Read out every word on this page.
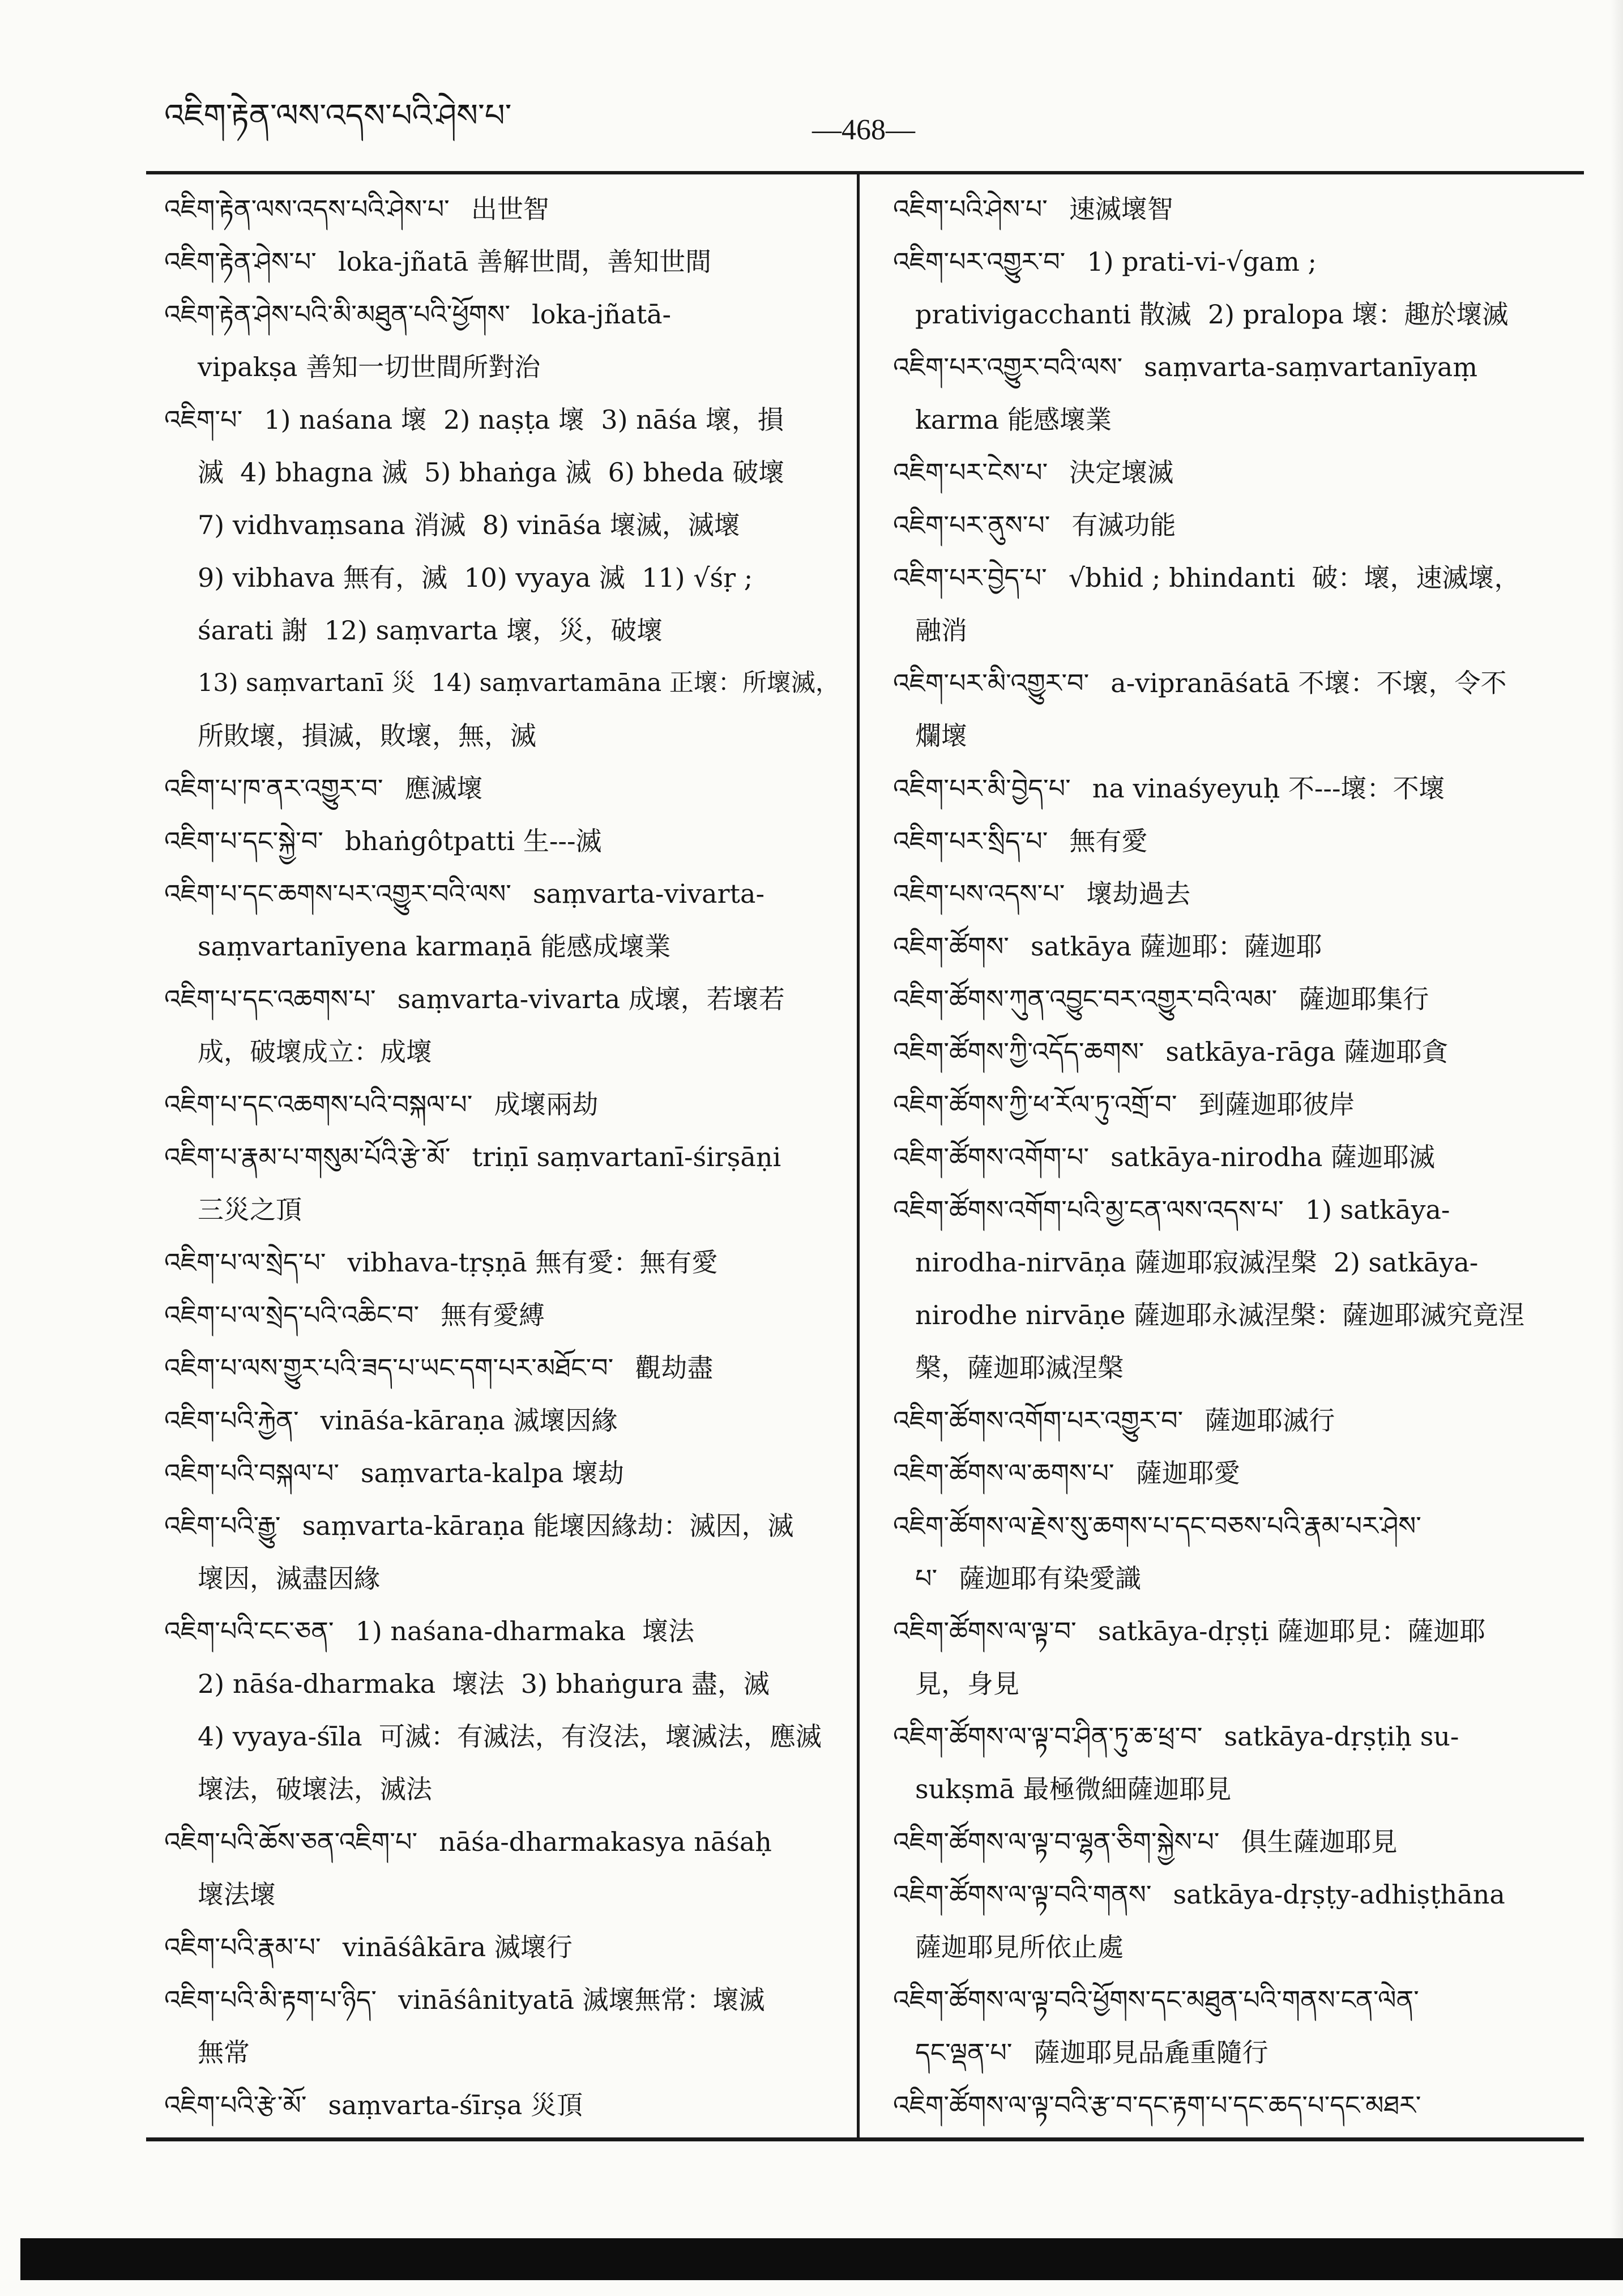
འཇིག་རྟེན་ལས་འདས་པའི་ཤེས་པ་	—468—
འཇིག་རྟེན་ལས་འདས་པའི་ཤེས་པ་ 出世智
འཇིག་རྟེན་ཤེས་པ་ loka-jñatā 善解世間，善知世間
འཇིག་རྟེན་ཤེས་པའི་མི་མཐུན་པའི་ཕྱོགས་ loka-jñatā-
vipakṣa 善知一切世間所對治
འཇིག་པ་ 1) naśana 壞  2) naṣṭa 壞  3) nāśa 壞，損
滅  4) bhagna 滅  5) bhaṅga 滅  6) bheda 破壞
7) vidhvaṃsana 消滅  8) vināśa 壞滅，滅壞
9) vibhava 無有，滅  10) vyaya 滅  11) √śṛ ;
śarati 謝  12) saṃvarta 壞，災，破壞
13) saṃvartanī 災  14) saṃvartamāna 正壞：所壞滅，
所敗壞，損滅，敗壞，無，滅
འཇིག་པ་ཁ་ནར་འགྱུར་བ་ 應滅壞
འཇིག་པ་དང་སྐྱེ་བ་ bhaṅgôtpatti 生---滅
འཇིག་པ་དང་ཆགས་པར་འགྱུར་བའི་ལས་ saṃvarta-vivarta-
saṃvartanīyena karmaṇā 能感成壞業
འཇིག་པ་དང་འཆགས་པ་ saṃvarta-vivarta 成壞，若壞若
成，破壞成立：成壞
འཇིག་པ་དང་འཆགས་པའི་བསྐལ་པ་ 成壞兩劫
འཇིག་པ་རྣམ་པ་གསུམ་པོའི་རྩེ་མོ་ triṇī saṃvartanī-śirṣāṇi
三災之頂
འཇིག་པ་ལ་སྲེད་པ་ vibhava-tṛṣṇā 無有愛：無有愛
འཇིག་པ་ལ་སྲེད་པའི་འཆིང་བ་ 無有愛縛
འཇིག་པ་ལས་གྱུར་པའི་ཟད་པ་ཡང་དག་པར་མཐོང་བ་ 觀劫盡
འཇིག་པའི་རྐྱེན་ vināśa-kāraṇa 滅壞因緣
འཇིག་པའི་བསྐལ་པ་ saṃvarta-kalpa 壞劫
འཇིག་པའི་རྒྱུ་ saṃvarta-kāraṇa 能壞因緣劫：滅因，滅
壞因，滅盡因緣
འཇིག་པའི་ངང་ཅན་ 1) naśana-dharmaka  壞法
2) nāśa-dharmaka  壞法  3) bhaṅgura 盡，滅
4) vyaya-śīla  可滅：有滅法，有沒法，壞滅法，應滅
壞法，破壞法，滅法
འཇིག་པའི་ཆོས་ཅན་འཇིག་པ་ nāśa-dharmakasya nāśaḥ
壞法壞
འཇིག་པའི་རྣམ་པ་ vināśâkāra 滅壞行
འཇིག་པའི་མི་རྟག་པ་ཉིད་ vināśânityatā 滅壞無常：壞滅
無常
འཇིག་པའི་རྩེ་མོ་ saṃvarta-śīrṣa 災頂
འཇིག་པའི་ཤེས་པ་ 速滅壞智
འཇིག་པར་འགྱུར་བ་ 1) prati-vi-√gam ;
prativigacchanti 散滅  2) pralopa 壞：趣於壞滅
འཇིག་པར་འགྱུར་བའི་ལས་ saṃvarta-saṃvartanīyaṃ
karma 能感壞業
འཇིག་པར་ངེས་པ་ 決定壞滅
འཇིག་པར་ནུས་པ་ 有滅功能
འཇིག་པར་བྱེད་པ་ √bhid ; bhindanti  破：壞，速滅壞，
融消
འཇིག་པར་མི་འགྱུར་བ་ a-vipranāśatā 不壞：不壞，令不
爛壞
འཇིག་པར་མི་བྱེད་པ་ na vinaśyeyuḥ 不---壞：不壞
འཇིག་པར་སྲིད་པ་ 無有愛
འཇིག་པས་འདས་པ་ 壞劫過去
འཇིག་ཚོགས་ satkāya 薩迦耶：薩迦耶
འཇིག་ཚོགས་ཀུན་འབྱུང་བར་འགྱུར་བའི་ལམ་ 薩迦耶集行
འཇིག་ཚོགས་ཀྱི་འདོད་ཆགས་ satkāya-rāga 薩迦耶貪
འཇིག་ཚོགས་ཀྱི་ཕ་རོལ་ཏུ་འགྲོ་བ་ 到薩迦耶彼岸
འཇིག་ཚོགས་འགོག་པ་ satkāya-nirodha 薩迦耶滅
འཇིག་ཚོགས་འགོག་པའི་མྱ་ངན་ལས་འདས་པ་ 1) satkāya-
nirodha-nirvāṇa 薩迦耶寂滅涅槃  2) satkāya-
nirodhe nirvāṇe 薩迦耶永滅涅槃：薩迦耶滅究竟涅
槃，薩迦耶滅涅槃
འཇིག་ཚོགས་འགོག་པར་འགྱུར་བ་ 薩迦耶滅行
འཇིག་ཚོགས་ལ་ཆགས་པ་ 薩迦耶愛
འཇིག་ཚོགས་ལ་རྗེས་སུ་ཆགས་པ་དང་བཅས་པའི་རྣམ་པར་ཤེས་
པ་ 薩迦耶有染愛識
འཇིག་ཚོགས་ལ་ལྟ་བ་ satkāya-dṛṣṭi 薩迦耶見：薩迦耶
見，身見
འཇིག་ཚོགས་ལ་ལྟ་བ་ཤིན་ཏུ་ཆ་ཕྲ་བ་ satkāya-dṛṣṭiḥ su-
sukṣmā 最極微細薩迦耶見
འཇིག་ཚོགས་ལ་ལྟ་བ་ལྷན་ཅིག་སྐྱེས་པ་ 俱生薩迦耶見
འཇིག་ཚོགས་ལ་ལྟ་བའི་གནས་ satkāya-dṛṣṭy-adhiṣṭhāna
薩迦耶見所依止處
འཇིག་ཚོགས་ལ་ལྟ་བའི་ཕྱོགས་དང་མཐུན་པའི་གནས་ངན་ལེན་
དང་ལྡན་པ་ 薩迦耶見品麁重隨行
འཇིག་ཚོགས་ལ་ལྟ་བའི་རྩ་བ་དང་རྟག་པ་དང་ཆད་པ་དང་མཐར་
